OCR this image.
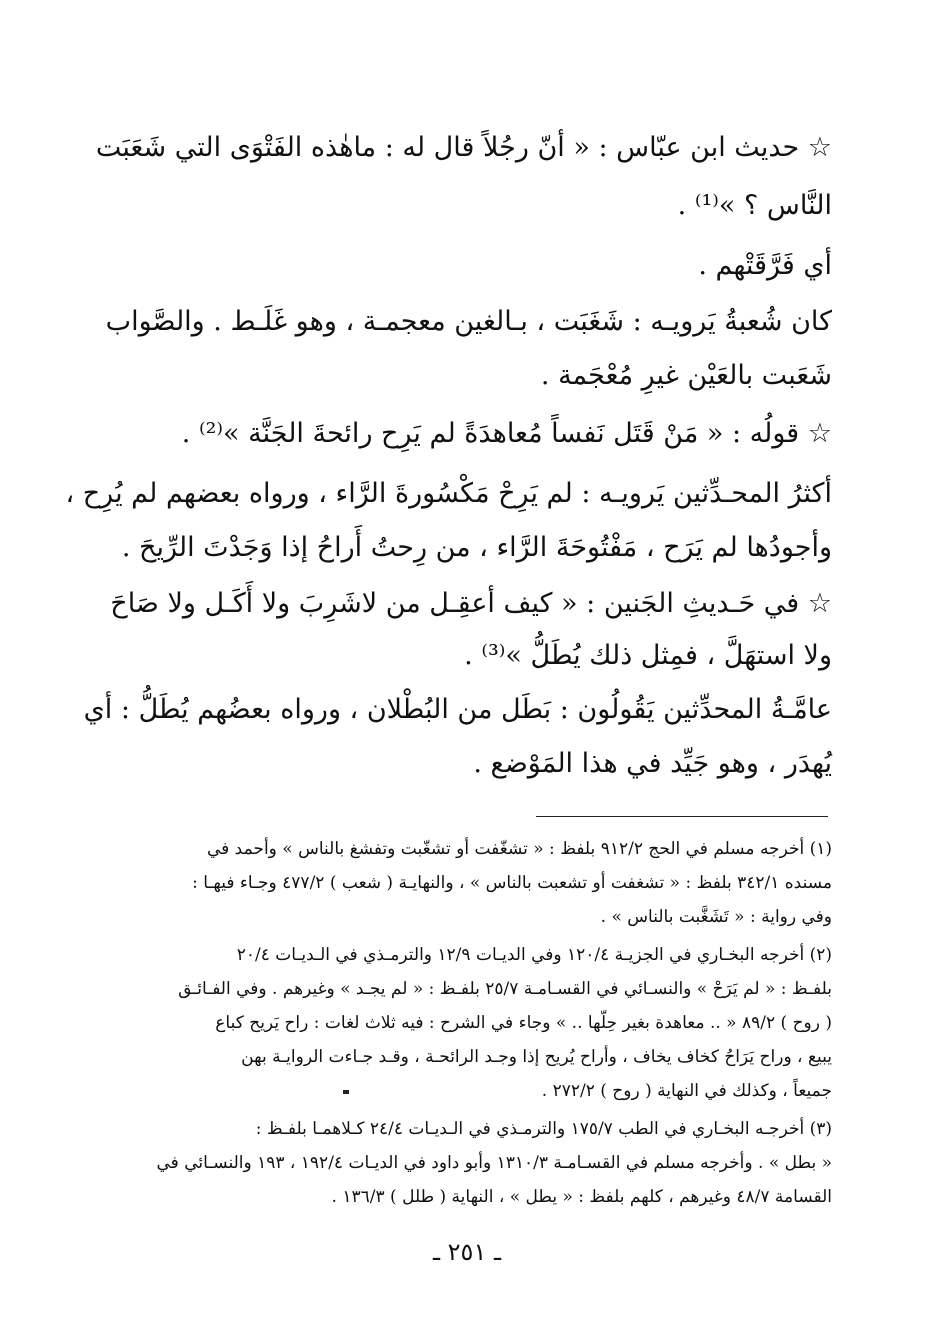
☆ حديث ابن عبّاس : « أنّ رجُلاً قال له : ماهٰذه الفَتْوَى التي شَعَبَت
النَّاس ؟ »⁽¹⁾ .
أي فَرَّقَتْهم .
كان شُعبةُ يَرويـه : شَغَبَت ، بـالغين معجمـة ، وهو غَلَـط . والصَّواب
شَعَبت بالعَيْن غيرِ مُعْجَمة .
☆ قولُه : « مَنْ قَتَل نَفساً مُعاهدَةً لم يَرِح رائحةَ الجَنَّة »⁽²⁾ .
أكثرُ المحـدِّثين يَرويـه : لم يَرِحْ مَكْسُورةَ الرَّاء ، ورواه بعضهم لم يُرِح ،
وأجودُها لم يَرَح ، مَفْتُوحَةَ الرَّاء ، من رِحتُ أَراحُ إذا وَجَدْتَ الرِّيحَ .
☆ في حَـديثِ الجَنين : « كيف أعقِـل من لاشَرِبَ ولا أَكَـل ولا صَاحَ
ولا استهَلَّ ، فمِثل ذلك يُطَلُّ »⁽³⁾ .
عامَّـةُ المحدِّثين يَقُولُون : بَطَل من البُطْلان ، ورواه بعضُهم يُطَلُّ : أي
يُهدَر ، وهو جَيِّد في هذا المَوْضع .
(١) أخرجه مسلم في الحج ٩١٢/٢ بلفظ : « تشغّفت أو تشغّبت وتفشغ بالناس » وأحمد في
مسنده ٣٤٢/١ بلفظ : « تشغفت أو تشعبت بالناس » ، والنهايـة ( شعب ) ٤٧٧/٢ وجـاء فيهـا :
وفي رواية : « تَشَغَّبت بالناس » .
(٢) أخرجه البخـاري في الجزيـة ١٢٠/٤ وفي الديـات ١٢/٩ والترمـذي في الـديـات ٢٠/٤
بلفـظ : « لم يَرَحْ » والنسـائي في القسـامـة ٢٥/٧ بلفـظ : « لم يجـد » وغيرهم . وفي الفـائـق
( روح ) ٨٩/٢ « .. معاهدة بغير حِلّها .. » وجاء في الشرح : فيه ثلاث لغات : راح يَريح كباع
يبيع ، وراح يَرَاحُ كخاف يخاف ، وأراح يُريح إذا وجـد الرائحـة ، وقـد جـاءت الروايـة بهن
جميعاً ، وكذلك في النهاية ( روح ) ٢٧٢/٢ .
(٣) أخرجـه البخـاري في الطب ١٧٥/٧ والترمـذي في الـديـات ٢٤/٤ كـلاهمـا بلفـظ :
« بطل » . وأخرجه مسلم في القسـامـة ١٣١٠/٣ وأبو داود في الديـات ١٩٢/٤ ، ١٩٣ والنسـائي في
القسامة ٤٨/٧ وغيرهم ، كلهم بلفظ : « يطل » ، النهاية ( طلل ) ١٣٦/٣ .
ـ ٢٥١ ـ
